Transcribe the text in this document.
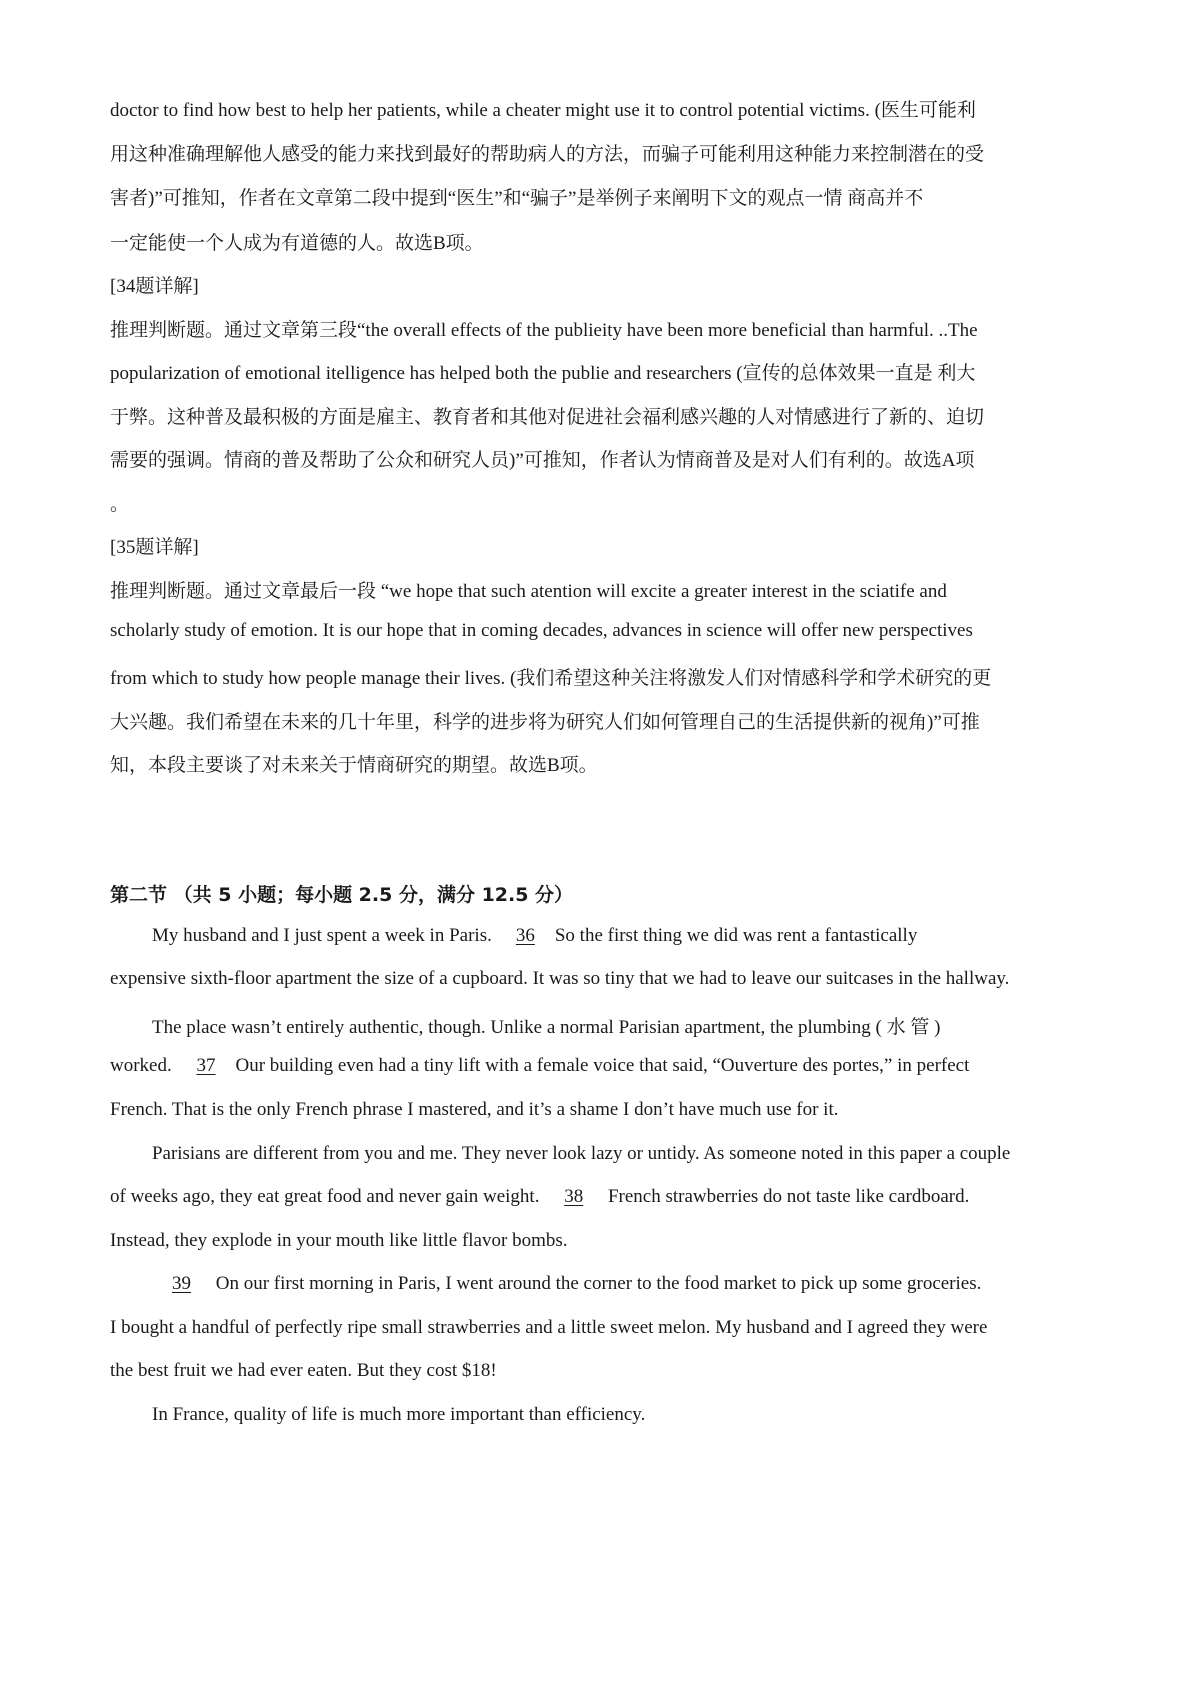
doctor to find how best to help her patients, while a cheater might use it to control potential victims. (医生可能利
用这种准确理解他人感受的能力来找到最好的帮助病人的方法，而骗子可能利用这种能力来控制潜在的受
害者)”可推知，作者在文章第二段中提到“医生”和“骗子”是举例子来阐明下文的观点一情 商高并不
一定能使一个人成为有道德的人。故选B项。
[34题详解]
推理判断题。通过文章第三段“the overall effects of the publieity have been more beneficial than harmful. ..The
popularization of emotional itelligence has helped both the publie and researchers (宣传的总体效果一直是 利大
于弊。这种普及最积极的方面是雇主、教育者和其他对促进社会福利感兴趣的人对情感进行了新的、迫切
需要的强调。情商的普及帮助了公众和研究人员)”可推知，作者认为情商普及是对人们有利的。故选A项
。
[35题详解]
推理判断题。通过文章最后一段 “we hope that such atention will excite a greater interest in the sciatife and
scholarly study of emotion. It is our hope that in coming decades, advances in science will offer new perspectives
from which to study how people manage their lives. (我们希望这种关注将激发人们对情感科学和学术研究的更
大兴趣。我们希望在未来的几十年里，科学的进步将为研究人们如何管理自己的生活提供新的视角)”可推
知，本段主要谈了对未来关于情商研究的期望。故选B项。
第二节 （共 5 小题；每小题 2.5 分，满分 12.5 分）
My husband and I just spent a week in Paris. 36 So the first thing we did was rent a fantastically
expensive sixth-floor apartment the size of a cupboard. It was so tiny that we had to leave our suitcases in the hallway.
The place wasn’t entirely authentic, though. Unlike a normal Parisian apartment, the plumbing ( 水 管 )
worked. 37 Our building even had a tiny lift with a female voice that said, “Ouverture des portes,” in perfect
French. That is the only French phrase I mastered, and it’s a shame I don’t have much use for it.
Parisians are different from you and me. They never look lazy or untidy. As someone noted in this paper a couple
of weeks ago, they eat great food and never gain weight. 38 French strawberries do not taste like cardboard.
Instead, they explode in your mouth like little flavor bombs.
39 On our first morning in Paris, I went around the corner to the food market to pick up some groceries.
I bought a handful of perfectly ripe small strawberries and a little sweet melon. My husband and I agreed they were
the best fruit we had ever eaten. But they cost $18!
In France, quality of life is much more important than efficiency.
